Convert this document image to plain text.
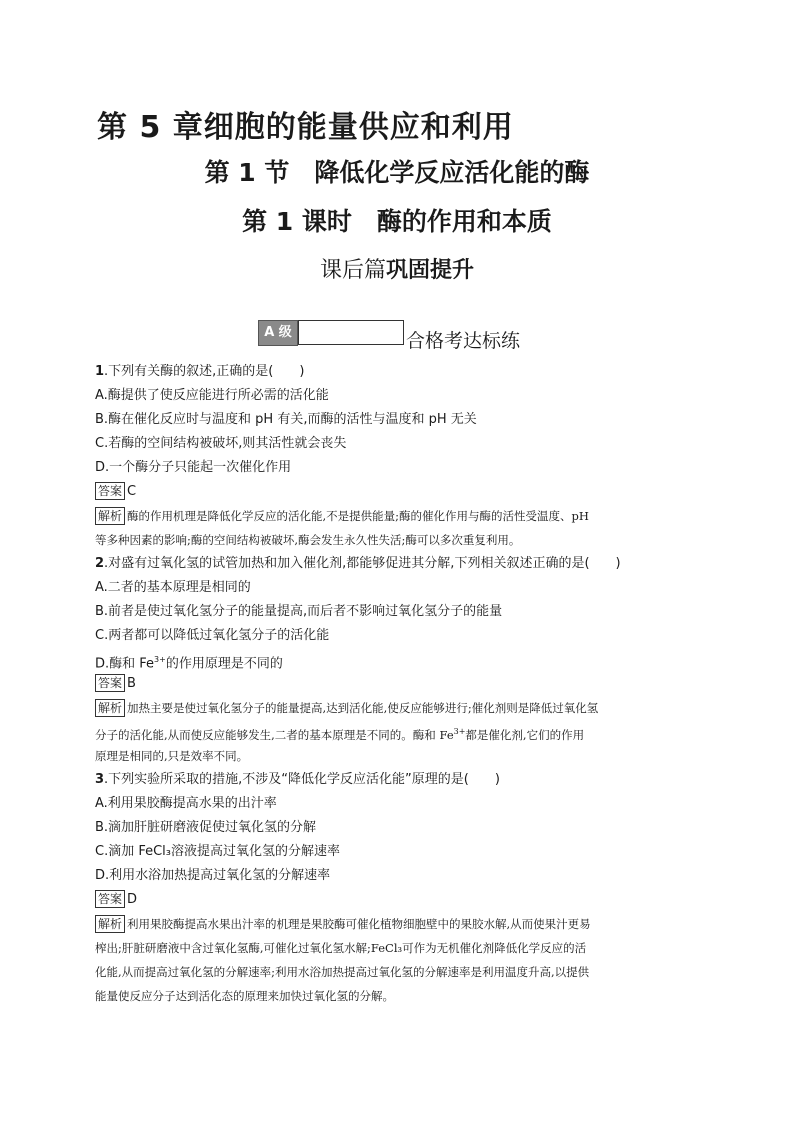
第 5 章细胞的能量供应和利用
第 1 节　降低化学反应活化能的酶
第 1 课时　酶的作用和本质
课后篇巩固提升
A 级	合格考达标练
1.下列有关酶的叙述,正确的是(　　)
A.酶提供了使反应能进行所必需的活化能
B.酶在催化反应时与温度和 pH 有关,而酶的活性与温度和 pH 无关
C.若酶的空间结构被破坏,则其活性就会丧失
D.一个酶分子只能起一次催化作用
答案 C
解析 酶的作用机理是降低化学反应的活化能,不是提供能量;酶的催化作用与酶的活性受温度、pH
等多种因素的影响;酶的空间结构被破坏,酶会发生永久性失活;酶可以多次重复利用。
2.对盛有过氧化氢的试管加热和加入催化剂,都能够促进其分解,下列相关叙述正确的是(　　)
A.二者的基本原理是相同的
B.前者是使过氧化氢分子的能量提高,而后者不影响过氧化氢分子的能量
C.两者都可以降低过氧化氢分子的活化能
D.酶和 $Fe^{3+}$的作用原理是不同的
答案 B
解析 加热主要是使过氧化氢分子的能量提高,达到活化能,使反应能够进行;催化剂则是降低过氧化氢
分子的活化能,从而使反应能够发生,二者的基本原理是不同的。酶和 $Fe^{3+}$都是催化剂,它们的作用
原理是相同的,只是效率不同。
3.下列实验所采取的措施,不涉及“降低化学反应活化能”原理的是(　　)
A.利用果胶酶提高水果的出汁率
B.滴加肝脏研磨液促使过氧化氢的分解
C.滴加 FeCl₃溶液提高过氧化氢的分解速率
D.利用水浴加热提高过氧化氢的分解速率
答案 D
解析 利用果胶酶提高水果出汁率的机理是果胶酶可催化植物细胞壁中的果胶水解,从而使果汁更易
榨出;肝脏研磨液中含过氧化氢酶,可催化过氧化氢水解;FeCl₃可作为无机催化剂降低化学反应的活
化能,从而提高过氧化氢的分解速率;利用水浴加热提高过氧化氢的分解速率是利用温度升高,以提供
能量使反应分子达到活化态的原理来加快过氧化氢的分解。
